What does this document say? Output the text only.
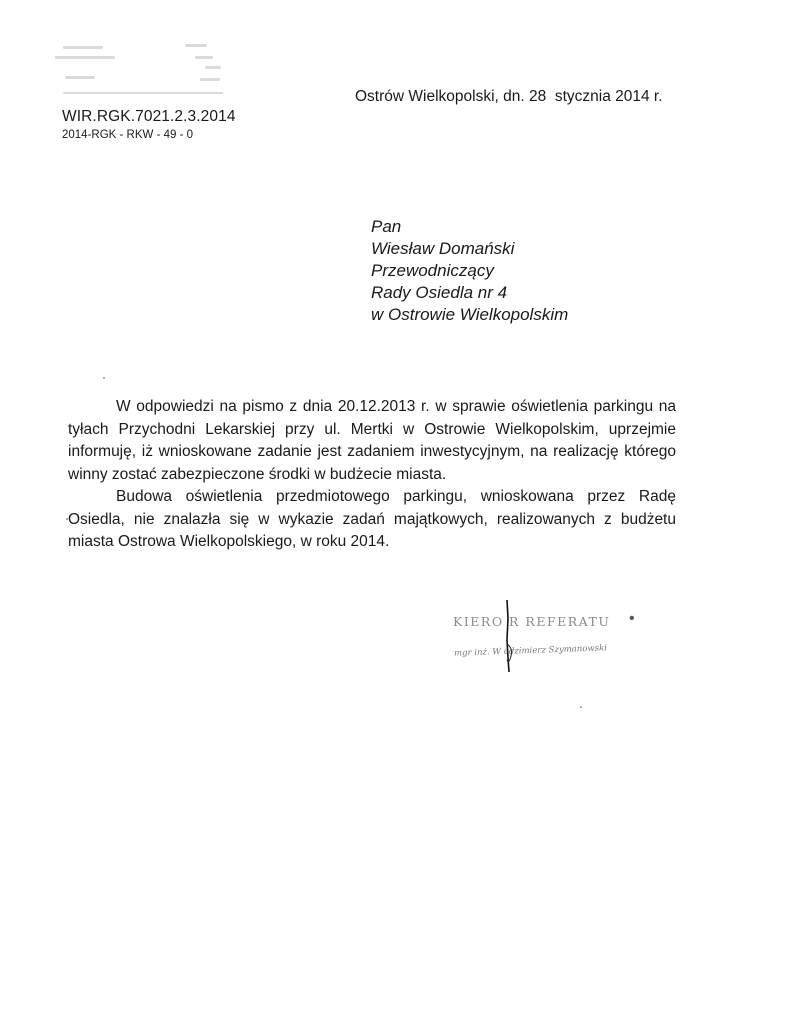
WIR.RGK.7021.2.3.2014
2014-RGK - RKW - 49 - 0
Ostrów Wielkopolski, dn. 28  stycznia 2014 r.
Pan
Wiesław Domański
Przewodniczący
Rady Osiedla nr 4
w Ostrowie Wielkopolskim

W odpowiedzi na pismo z dnia 20.12.2013 r. w sprawie oświetlenia parkingu na tyłach Przychodni Lekarskiej przy ul. Mertki w Ostrowie Wielkopolskim, uprzejmie informuję, iż wnioskowane zadanie jest zadaniem inwestycyjnym, na realizację którego winny zostać zabezpieczone środki w budżecie miasta.

Budowa oświetlenia przedmiotowego parkingu, wnioskowana przez Radę Osiedla, nie znalazła się w wykazie zadań majątkowych, realizowanych z budżetu miasta Ostrowa Wielkopolskiego, w roku 2014.

KIERO R REFERATU •
mgr inż. W odzimierz Szymanowski
